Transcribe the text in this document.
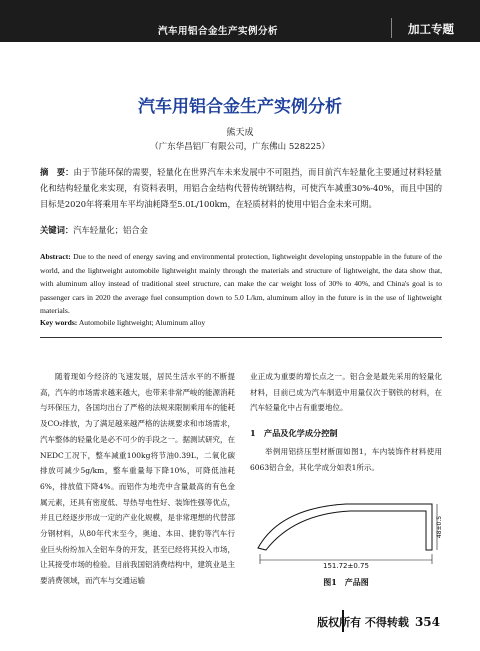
汽车用铝合金生产实例分析	加工专题
汽车用铝合金生产实例分析
熊天成
（广东华昌铝厂有限公司，广东佛山 528225）
摘　要：由于节能环保的需要，轻量化在世界汽车未来发展中不可阻挡，而目前汽车轻量化主要通过材料轻量化和结构轻量化来实现，有资料表明，用铝合金结构代替传统钢结构，可使汽车减重30%-40%，而且中国的目标是2020年将乘用车平均油耗降至5.0L/100km，在轻质材料的使用中铝合金未来可期。
关键词：汽车轻量化；铝合金
Abstract: Due to the need of energy saving and environmental protection, lightweight developing unstoppable in the future of the world, and the lightweight automobile lightweight mainly through the materials and structure of lightweight, the data show that, with aluminum alloy instead of traditional steel structure, can make the car weight loss of 30% to 40%, and China's goal is to passenger cars in 2020 the average fuel consumption down to 5.0 L/km, aluminum alloy in the future is in the use of lightweight materials.
Key words: Automobile lightweight; Aluminum alloy
随着现如今经济的飞速发展，居民生活水平的不断提高，汽车的市场需求越来越大，也带来非常严峻的能源消耗与环保压力，各国均出台了严格的法规来限制乘用车的能耗及CO₂排放，为了满足越来越严格的法规要求和市场需求，汽车整体的轻量化是必不可少的手段之一。据测试研究，在NEDC工况下，整车减重100kg将节油0.39L，二氧化碳排放可减少5g/km，整车重量每下降10%，可降低油耗6%，排放值下降4%。而铝作为地壳中含量最高的有色金属元素，还具有密度低、导热导电性好、装饰性强等优点，并且已经逐步形成一定的产业化规模，是非常理想的代替部分钢材料，从80年代末至今，奥迪、本田、捷豹等汽车行业巨头纷纷加入全铝车身的开发，甚至已经将其投入市场，让其接受市场的检验。目前我国铝消费结构中，建筑业是主要消费领域，而汽车与交通运输
业正成为重要的增长点之一。铝合金是最先采用的轻量化材料，目前已成为汽车制造中用量仅次于钢铁的材料，在汽车轻量化中占有重要地位。
1　产品及化学成分控制
举例用铝挤压型材断面如图1，车内装饰件材料使用6063铝合金，其化学成分如表1所示。
151.72±0.75
48±0.5
图1　产品图
版权所有 不得转载 354
